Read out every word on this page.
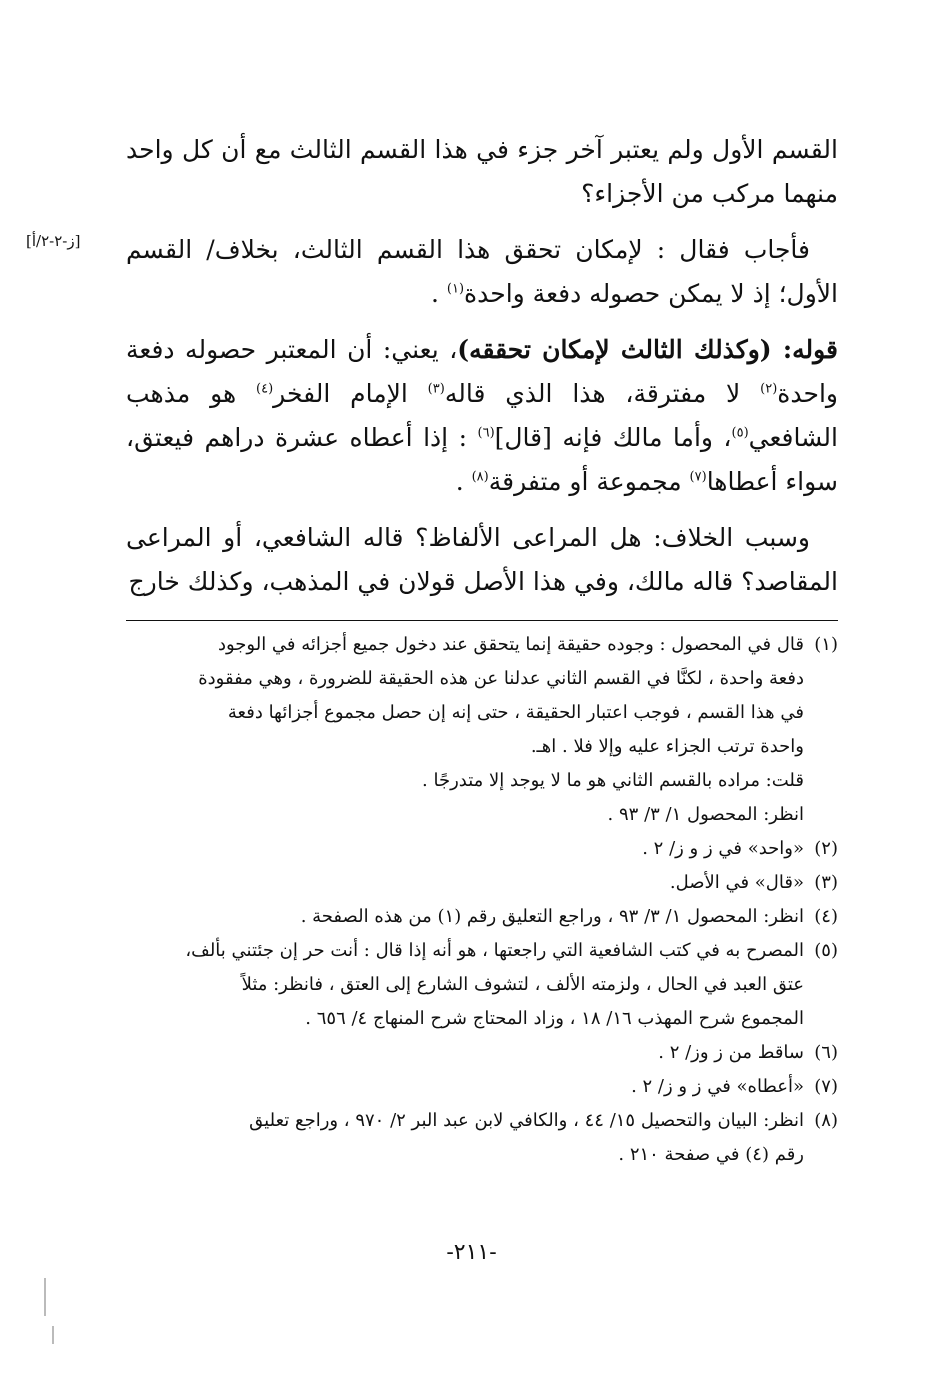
[ز-٢-٢/أ]

القسم الأول ولم يعتبر آخر جزء في هذا القسم الثالث مع أن كل واحد منهما مركب من الأجزاء؟

فأجاب فقال : لإمكان تحقق هذا القسم الثالث، بخلاف/ القسم الأول؛ إذ لا يمكن حصوله دفعة واحدة$^{(١)}$ .

قوله: (وكذلك الثالث لإمكان تحققه)، يعني: أن المعتبر حصوله دفعة واحدة$^{(٢)}$ لا مفترقة، هذا الذي قاله$^{(٣)}$ الإمام الفخر$^{(٤)}$ هو مذهب الشافعي$^{(٥)}$، وأما مالك فإنه [قال]$^{(٦)}$ : إذا أعطاه عشرة دراهم فيعتق، سواء أعطاها$^{(٧)}$ مجموعة أو متفرقة$^{(٨)}$ .

وسبب الخلاف: هل المراعى الألفاظ؟ قاله الشافعي، أو المراعى المقاصد؟ قاله مالك، وفي هذا الأصل قولان في المذهب، وكذلك خارج

(١)
قال في المحصول : وجوده حقيقة إنما يتحقق عند دخول جميع أجزائه في الوجود
دفعة واحدة ، لكنَّا في القسم الثاني عدلنا عن هذه الحقيقة للضرورة ، وهي مفقودة
في هذا القسم ، فوجب اعتبار الحقيقة ، حتى إنه إن حصل مجموع أجزائها دفعة
واحدة ترتب الجزاء عليه وإلا فلا . اهـ.
قلت: مراده بالقسم الثاني هو ما لا يوجد إلا متدرجًا .
انظر: المحصول ١/ ٣/ ٩٣ .
(٢)
«واحد» في ز و ز/ ٢ .
(٣)
«قال» في الأصل.
(٤)
انظر: المحصول ١/ ٣/ ٩٣ ، وراجع التعليق رقم (١) من هذه الصفحة .
(٥)
المصرح به في كتب الشافعية التي راجعتها ، هو أنه إذا قال : أنت حر إن جئتني بألف،
عتق العبد في الحال ، ولزمته الألف ، لتشوف الشارع إلى العتق ، فانظر: مثلاً
المجموع شرح المهذب ١٦/ ١٨ ، وزاد المحتاج شرح المنهاج ٤/ ٦٥٦ .
(٦)
ساقط من ز وز/ ٢ .
(٧)
«أعطاه» في ز و ز/ ٢ .
(٨)
انظر: البيان والتحصيل ١٥/ ٤٤ ، والكافي لابن عبد البر ٢/ ٩٧٠ ، وراجع تعليق
رقم (٤) في صفحة ٢١٠ .
-٢١١-
